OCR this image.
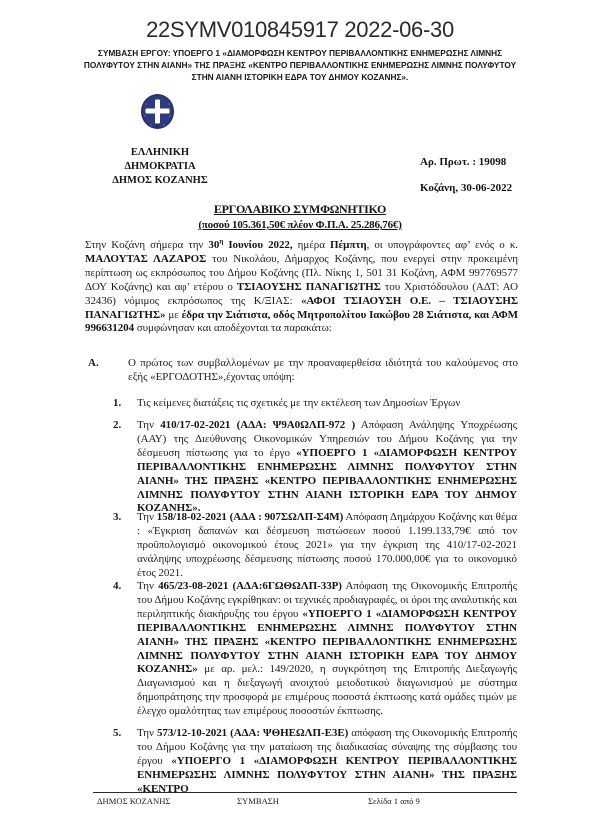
22SYMV010845917 2022-06-30
ΣΥΜΒΑΣΗ ΕΡΓΟΥ: ΥΠΟΕΡΓΟ 1 «ΔΙΑΜΟΡΦΩΣΗ ΚΕΝΤΡΟΥ ΠΕΡΙΒΑΛΛΟΝΤΙΚΗΣ ΕΝΗΜΕΡΩΣΗΣ ΛΙΜΝΗΣ
ΠΟΛΥΦΥΤΟΥ ΣΤΗΝ ΑΙΑΝΗ» ΤΗΣ ΠΡΑΞΗΣ «ΚΕΝΤΡΟ ΠΕΡΙΒΑΛΛΟΝΤΙΚΗΣ ΕΝΗΜΕΡΩΣΗΣ ΛΙΜΝΗΣ ΠΟΛΥΦΥΤΟΥ
ΣΤΗΝ ΑΙΑΝΗ ΙΣΤΟΡΙΚΗ ΕΔΡΑ ΤΟΥ ΔΗΜΟΥ ΚΟΖΑΝΗΣ».
ΕΛΛΗΝΙΚΗ ΔΗΜΟΚΡΑΤΙΑ
ΔΗΜΟΣ ΚΟΖΑΝΗΣ
Αρ. Πρωτ. : 19098
Κοζάνη, 30-06-2022
ΕΡΓΟΛΑΒΙΚΟ ΣΥΜΦΩΝΗΤΙΚΟ
(ποσού 105.361,50€ πλέον Φ.Π.Α. 25.286,76€)
Στην Κοζάνη σήμερα την $30^\eta$ Ιουνίου 2022, ημέρα Πέμπτη, οι υπογράφοντες αφ’ ενός ο κ. ΜΑΛΟΥΤΑΣ ΛΑΖΑΡΟΣ του Νικολάου, Δήμαρχος Κοζάνης, που ενεργεί στην προκειμένη περίπτωση ως εκπρόσωπος του Δήμου Κοζάνης (Πλ. Νίκης 1, 501 31 Κοζάνη, ΑΦΜ 997769577 ΔΟΥ Κοζάνης) και αφ’ ετέρου ο ΤΣΙΑΟΥΣΗΣ ΠΑΝΑΓΙΩΤΗΣ του Χριστόδουλου (ΑΔΤ: ΑΟ 32436) νόμιμος εκπρόσωπος της Κ/ΞΙΑΣ: «ΑΦΟΙ ΤΣΙΑΟΥΣΗ Ο.Ε. – ΤΣΙΑΟΥΣΗΣ ΠΑΝΑΓΙΩΤΗΣ» με έδρα την Σιάτιστα, οδός Μητροπολίτου Ιακώβου 28 Σιάτιστα, και ΑΦΜ 996631204 συμφώνησαν και αποδέχονται τα παρακάτω:
Α.	Ο πρώτος των συμβαλλομένων με την προαναφερθείσα ιδιότητά του καλούμενος στο εξής «ΕΡΓΟΔΟΤΗΣ»,έχοντας υπόψη:
1.	Τις κείμενες διατάξεις τις σχετικές με την εκτέλεση των Δημοσίων Έργων
2.	Την 410/17-02-2021 (ΑΔΑ: Ψ9Α0ΩΛΠ-972 ) Απόφαση Ανάληψης Υποχρέωσης (ΑΑΥ) της Διεύθυνσης Οικονομικών Υπηρεσιών του Δήμου Κοζάνης για την δέσμευση πίστωσης για το έργο «ΥΠΟΕΡΓΟ 1 «ΔΙΑΜΟΡΦΩΣΗ ΚΕΝΤΡΟΥ ΠΕΡΙΒΑΛΛΟΝΤΙΚΗΣ ΕΝΗΜΕΡΩΣΗΣ ΛΙΜΝΗΣ ΠΟΛΥΦΥΤΟΥ ΣΤΗΝ ΑΙΑΝΗ» ΤΗΣ ΠΡΑΞΗΣ «ΚΕΝΤΡΟ ΠΕΡΙΒΑΛΛΟΝΤΙΚΗΣ ΕΝΗΜΕΡΩΣΗΣ ΛΙΜΝΗΣ ΠΟΛΥΦΥΤΟΥ ΣΤΗΝ ΑΙΑΝΗ ΙΣΤΟΡΙΚΗ ΕΔΡΑ ΤΟΥ ΔΗΜΟΥ ΚΟΖΑΝΗΣ».
3.	Την 158/18-02-2021 (ΑΔΑ : 907ΣΩΛΠ-Σ4Μ) Απόφαση Δημάρχου Κοζάνης και θέμα : «Έγκριση δαπανών και δέσμευση πιστώσεων ποσού 1.199.133,79€ από τον προϋπολογισμό οικονομικού έτους 2021» για την έγκριση της 410/17-02-2021 ανάληψης υποχρέωσης δέσμευσης πίστωσης ποσού 170.000,00€ για το οικονομικό έτος 2021.
4.	Την 465/23-08-2021 (ΑΔΑ:6ΓΩΘΩΛΠ-33Ρ) Απόφαση της Οικονομικής Επιτροπής του Δήμου Κοζάνης εγκρίθηκαν: οι τεχνικές προδιαγραφές, οι όροι της αναλυτικής και περιληπτικής διακήρυξης του έργου «ΥΠΟΕΡΓΟ 1 «ΔΙΑΜΟΡΦΩΣΗ ΚΕΝΤΡΟΥ ΠΕΡΙΒΑΛΛΟΝΤΙΚΗΣ ΕΝΗΜΕΡΩΣΗΣ ΛΙΜΝΗΣ ΠΟΛΥΦΥΤΟΥ ΣΤΗΝ ΑΙΑΝΗ» ΤΗΣ ΠΡΑΞΗΣ «ΚΕΝΤΡΟ ΠΕΡΙΒΑΛΛΟΝΤΙΚΗΣ ΕΝΗΜΕΡΩΣΗΣ ΛΙΜΝΗΣ ΠΟΛΥΦΥΤΟΥ ΣΤΗΝ ΑΙΑΝΗ ΙΣΤΟΡΙΚΗ ΕΔΡΑ ΤΟΥ ΔΗΜΟΥ ΚΟΖΑΝΗΣ» με αρ. μελ.: 149/2020, η συγκρότηση της Επιτροπής Διεξαγωγής Διαγωνισμού και η διεξαγωγή ανοιχτού μειοδοτικού διαγωνισμού με σύστημα δημοπράτησης την προσφορά με επιμέρους ποσοστά έκπτωσης κατά ομάδες τιμών με έλεγχο ομαλότητας των επιμέρους ποσοστών έκπτωσης.
5.	Την 573/12-10-2021 (ΑΔΑ: ΨΘΗΕΩΛΠ-Ε3Ε) απόφαση της Οικονομικής Επιτροπής του Δήμου Κοζάνης για την ματαίωση της διαδικασίας σύναψης της σύμβασης του έργου «ΥΠΟΕΡΓΟ 1 «ΔΙΑΜΟΡΦΩΣΗ ΚΕΝΤΡΟΥ ΠΕΡΙΒΑΛΛΟΝΤΙΚΗΣ ΕΝΗΜΕΡΩΣΗΣ ΛΙΜΝΗΣ ΠΟΛΥΦΥΤΟΥ ΣΤΗΝ ΑΙΑΝΗ» ΤΗΣ ΠΡΑΞΗΣ «ΚΕΝΤΡΟ
ΔΗΜΟΣ ΚΟΖΑΝΗΣ	ΣΥΜΒΑΣΗ	Σελίδα 1 από 9
